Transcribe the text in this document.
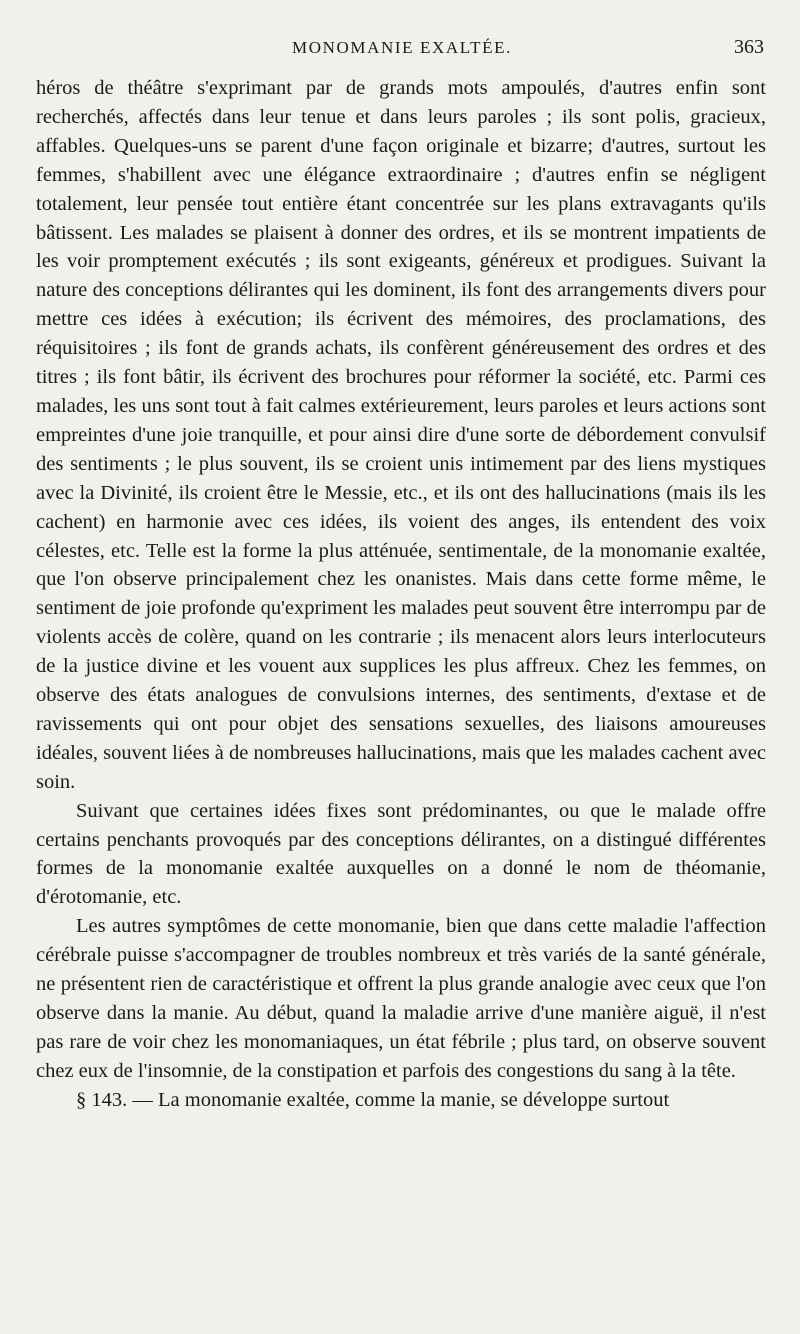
MONOMANIE EXALTÉE.	363

héros de théâtre s'exprimant par de grands mots ampoulés, d'autres enfin sont recherchés, affectés dans leur tenue et dans leurs paroles ; ils sont polis, gracieux, affables. Quelques-uns se parent d'une façon originale et bizarre; d'autres, surtout les femmes, s'habillent avec une élégance extraordinaire ; d'autres enfin se négligent totalement, leur pensée tout entière étant concentrée sur les plans extravagants qu'ils bâtissent. Les malades se plaisent à donner des ordres, et ils se montrent impatients de les voir promptement exécutés ; ils sont exigeants, généreux et prodigues. Suivant la nature des conceptions délirantes qui les dominent, ils font des arrangements divers pour mettre ces idées à exécution; ils écrivent des mémoires, des proclamations, des réquisitoires ; ils font de grands achats, ils confèrent généreusement des ordres et des titres ; ils font bâtir, ils écrivent des brochures pour réformer la société, etc. Parmi ces malades, les uns sont tout à fait calmes extérieurement, leurs paroles et leurs actions sont empreintes d'une joie tranquille, et pour ainsi dire d'une sorte de débordement convulsif des sentiments ; le plus souvent, ils se croient unis intimement par des liens mystiques avec la Divinité, ils croient être le Messie, etc., et ils ont des hallucinations (mais ils les cachent) en harmonie avec ces idées, ils voient des anges, ils entendent des voix célestes, etc. Telle est la forme la plus atténuée, sentimentale, de la monomanie exaltée, que l'on observe principalement chez les onanistes. Mais dans cette forme même, le sentiment de joie profonde qu'expriment les malades peut souvent être interrompu par de violents accès de colère, quand on les contrarie ; ils menacent alors leurs interlocuteurs de la justice divine et les vouent aux supplices les plus affreux. Chez les femmes, on observe des états analogues de convulsions internes, des sentiments, d'extase et de ravissements qui ont pour objet des sensations sexuelles, des liaisons amoureuses idéales, souvent liées à de nombreuses hallucinations, mais que les malades cachent avec soin.

Suivant que certaines idées fixes sont prédominantes, ou que le malade offre certains penchants provoqués par des conceptions délirantes, on a distingué différentes formes de la monomanie exaltée auxquelles on a donné le nom de théomanie, d'érotomanie, etc.

Les autres symptômes de cette monomanie, bien que dans cette maladie l'affection cérébrale puisse s'accompagner de troubles nombreux et très variés de la santé générale, ne présentent rien de caractéristique et offrent la plus grande analogie avec ceux que l'on observe dans la manie. Au début, quand la maladie arrive d'une manière aiguë, il n'est pas rare de voir chez les monomaniaques, un état fébrile ; plus tard, on observe souvent chez eux de l'insomnie, de la constipation et parfois des congestions du sang à la tête.

§ 143. — La monomanie exaltée, comme la manie, se développe surtout
